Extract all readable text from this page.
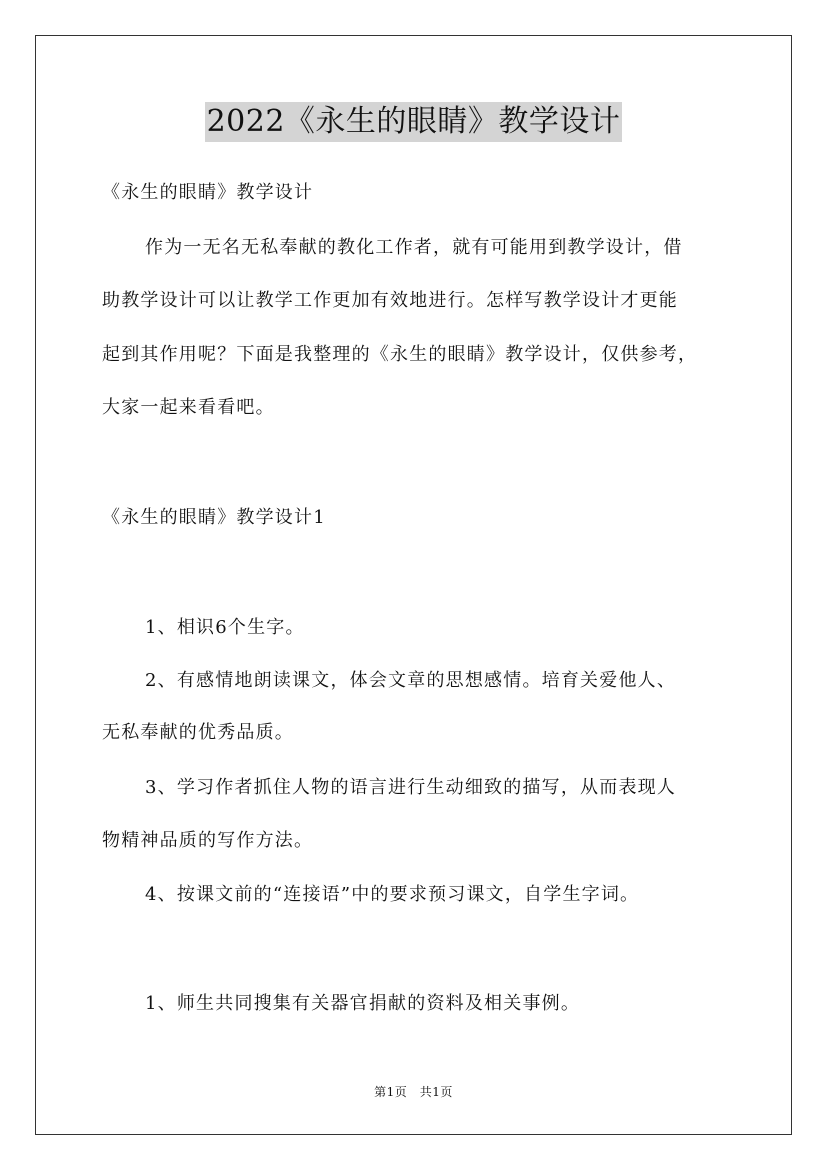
2022《永生的眼睛》教学设计
《永生的眼睛》教学设计
作为一无名无私奉献的教化工作者，就有可能用到教学设计，借
助教学设计可以让教学工作更加有效地进行。怎样写教学设计才更能
起到其作用呢？下面是我整理的《永生的眼睛》教学设计，仅供参考，
大家一起来看看吧。
《永生的眼睛》教学设计1
1、相识6个生字。
2、有感情地朗读课文，体会文章的思想感情。培育关爱他人、
无私奉献的优秀品质。
3、学习作者抓住人物的语言进行生动细致的描写，从而表现人
物精神品质的写作方法。
4、按课文前的“连接语”中的要求预习课文，自学生字词。
1、师生共同搜集有关器官捐献的资料及相关事例。
第1页　共1页
